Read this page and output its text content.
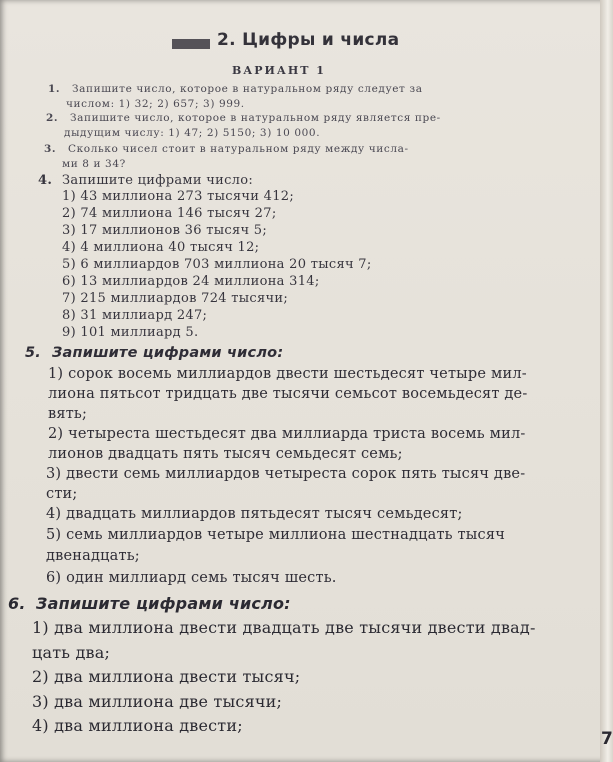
2. Цифры и числа
ВАРИАНТ 1
1. Запишите число, которое в натуральном ряду следует за
числом: 1) 32; 2) 657; 3) 999.
2. Запишите число, которое в натуральном ряду является пре-
дыдущим числу: 1) 47; 2) 5150; 3) 10 000.
3. Сколько чисел стоит в натуральном ряду между числа-
ми 8 и 34?
4. Запишите цифрами число:
1) 43 миллиона 273 тысячи 412;
2) 74 миллиона 146 тысяч 27;
3) 17 миллионов 36 тысяч 5;
4) 4 миллиона 40 тысяч 12;
5) 6 миллиардов 703 миллиона 20 тысяч 7;
6) 13 миллиардов 24 миллиона 314;
7) 215 миллиардов 724 тысячи;
8) 31 миллиард 247;
9) 101 миллиард 5.
5. Запишите цифрами число:
1) сорок восемь миллиардов двести шестьдесят четыре мил-
лиона пятьсот тридцать две тысячи семьсот восемьдесят де-
вять;
2) четыреста шестьдесят два миллиарда триста восемь мил-
лионов двадцать пять тысяч семьдесят семь;
3) двести семь миллиардов четыреста сорок пять тысяч две-
сти;
4) двадцать миллиардов пятьдесят тысяч семьдесят;
5) семь миллиардов четыре миллиона шестнадцать тысяч
двенадцать;
6) один миллиард семь тысяч шесть.
6. Запишите цифрами число:
1) два миллиона двести двадцать две тысячи двести двад-
цать два;
2) два миллиона двести тысяч;
3) два миллиона две тысячи;
4) два миллиона двести;
7
